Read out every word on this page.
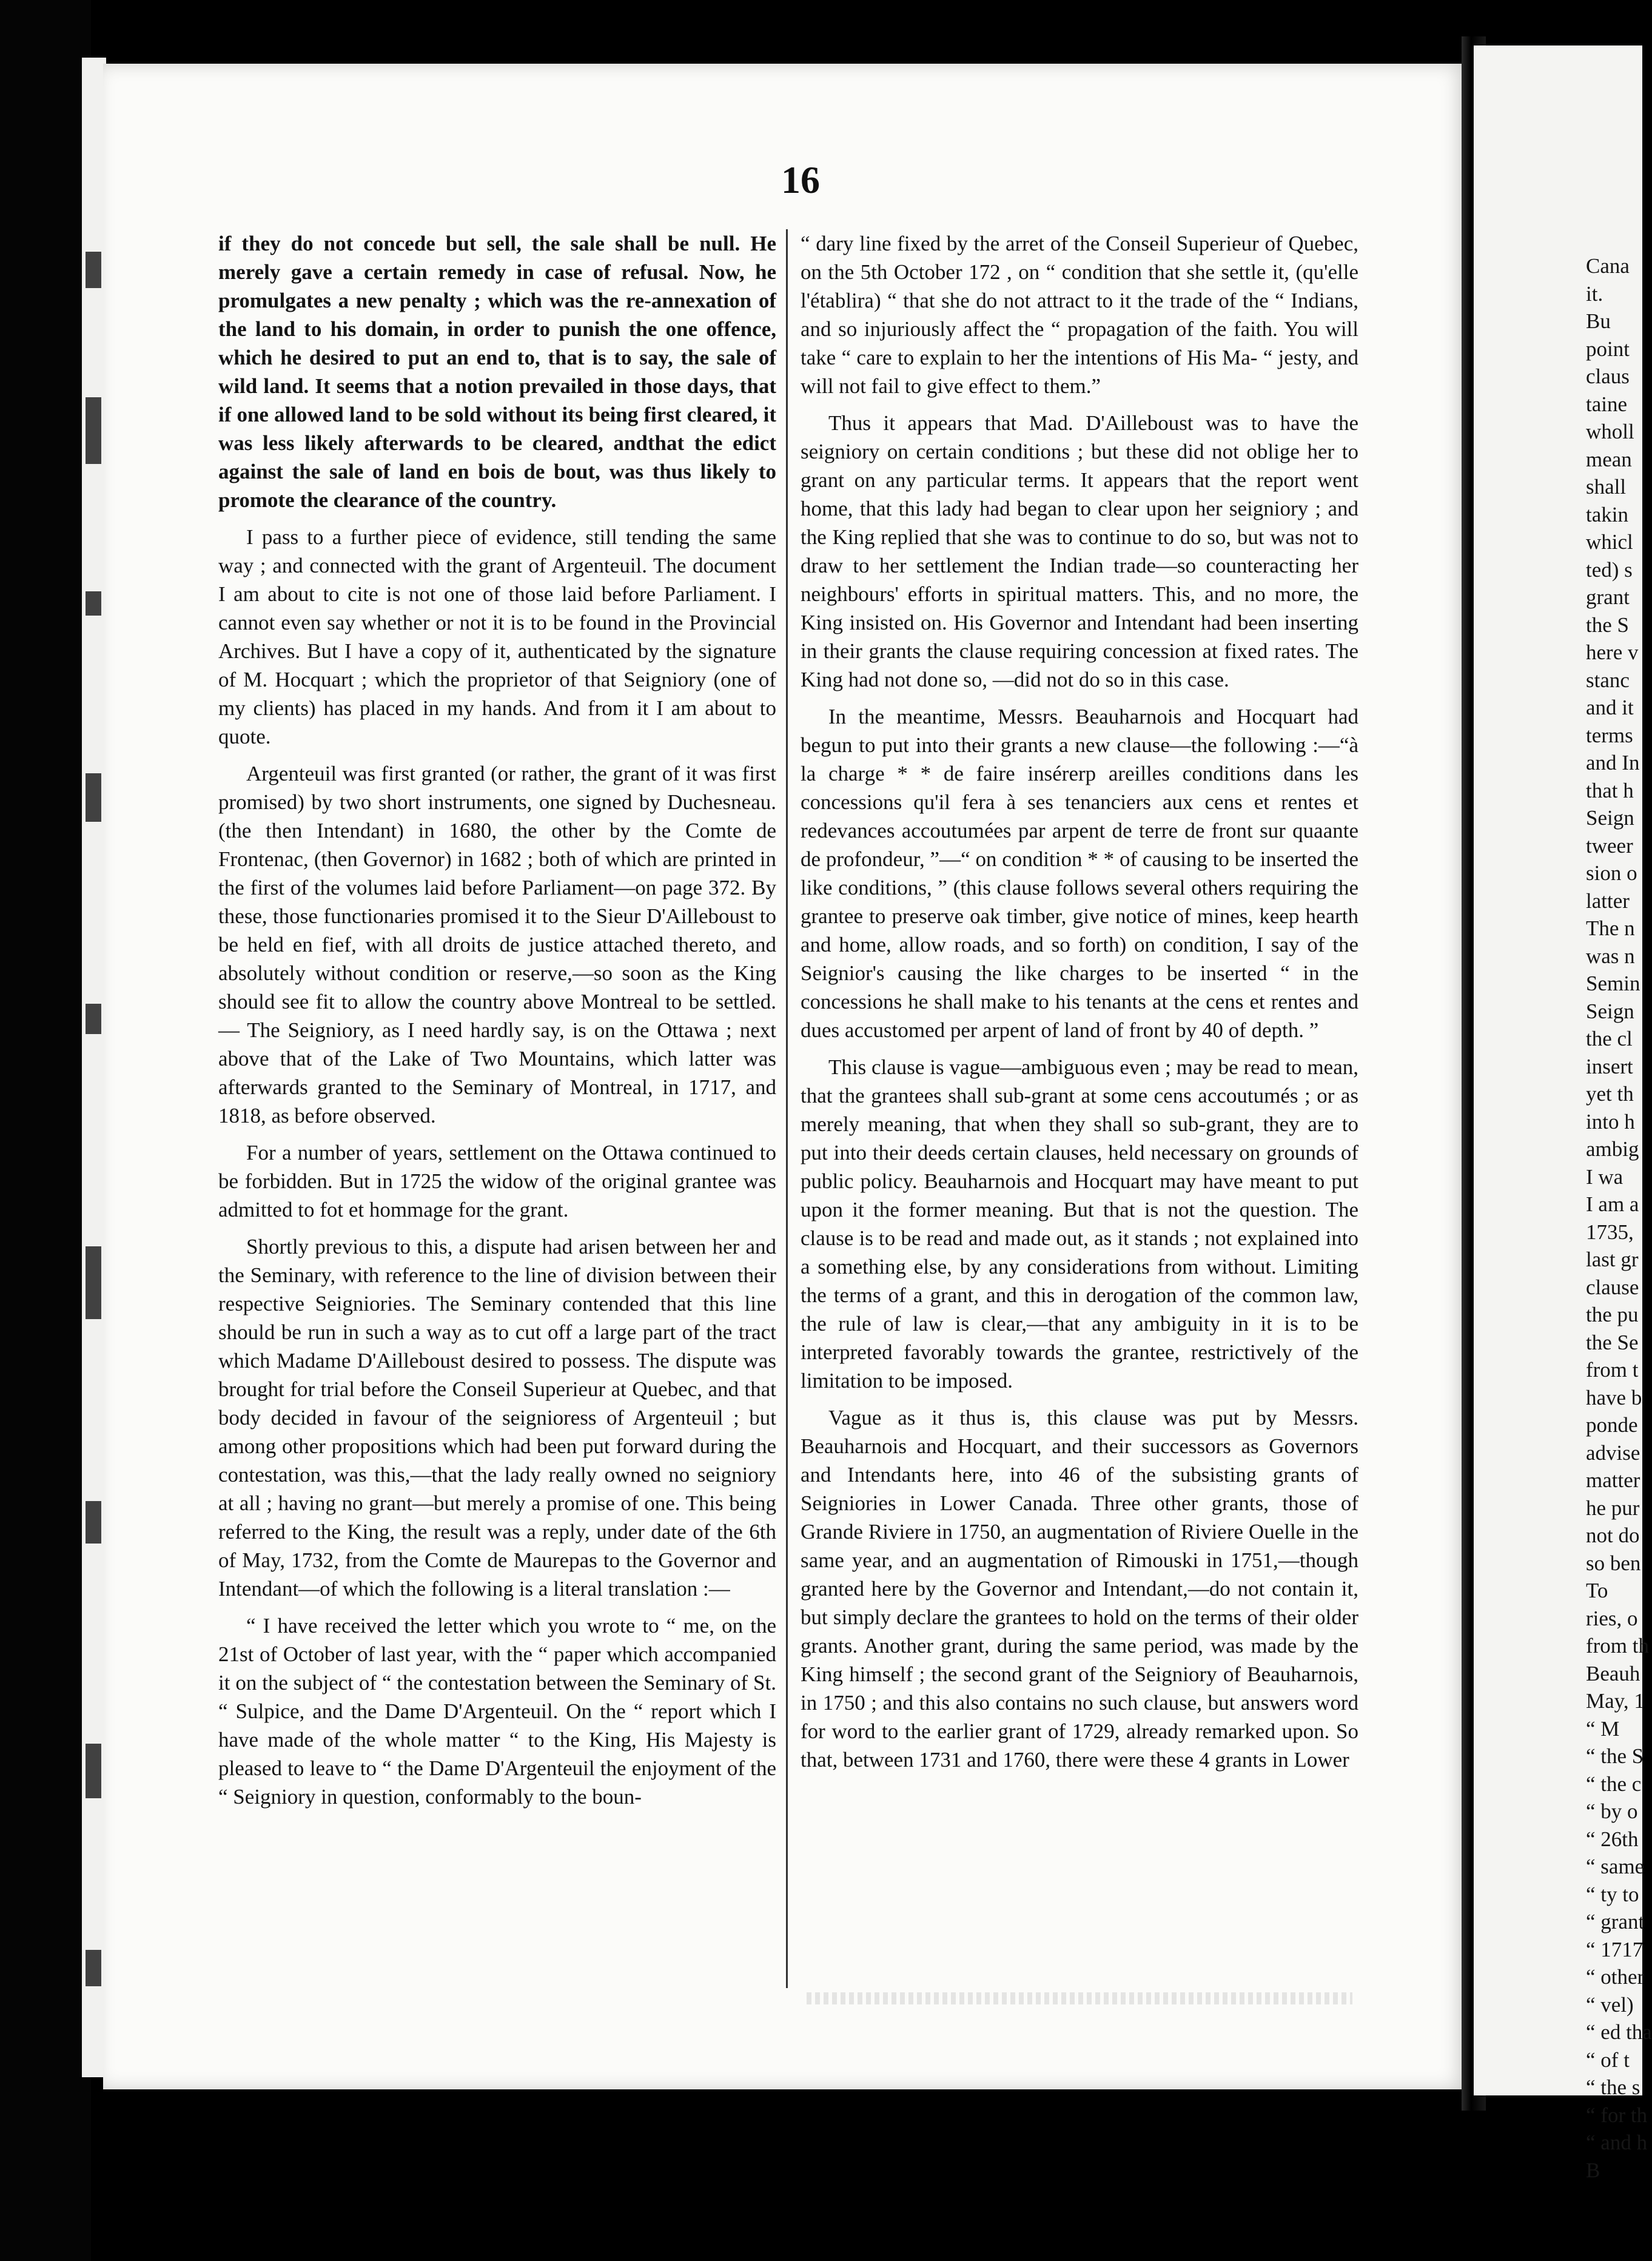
16

if they do not concede but sell, the sale shall be null. He merely gave a certain remedy in case of refusal. Now, he promulgates a new penalty ; which was the re-annexation of the land to his domain, in order to punish the one offence, which he desired to put an end to, that is to say, the sale of wild land. It seems that a notion prevailed in those days, that if one allowed land to be sold without its being first cleared, it was less likely afterwards to be cleared, andthat the edict against the sale of land en bois de bout, was thus likely to promote the clearance of the country.

I pass to a further piece of evidence, still tending the same way ; and connected with the grant of Argenteuil. The document I am about to cite is not one of those laid before Parliament. I cannot even say whether or not it is to be found in the Provincial Archives. But I have a copy of it, authenticated by the signature of M. Hocquart ; which the proprietor of that Seigniory (one of my clients) has placed in my hands. And from it I am about to quote.

Argenteuil was first granted (or rather, the grant of it was first promised) by two short instruments, one signed by Duchesneau. (the then Intendant) in 1680, the other by the Comte de Frontenac, (then Governor) in 1682 ; both of which are printed in the first of the volumes laid before Parliament—on page 372. By these, those functionaries promised it to the Sieur D'Ailleboust to be held en fief, with all droits de justice attached thereto, and absolutely without condition or reserve,—so soon as the King should see fit to allow the country above Montreal to be settled.— The Seigniory, as I need hardly say, is on the Ottawa ; next above that of the Lake of Two Mountains, which latter was afterwards granted to the Seminary of Montreal, in 1717, and 1818, as before observed.

For a number of years, settlement on the Ottawa continued to be forbidden. But in 1725 the widow of the original grantee was admitted to fot et hommage for the grant.

Shortly previous to this, a dispute had arisen between her and the Seminary, with reference to the line of division between their respective Seigniories. The Seminary contended that this line should be run in such a way as to cut off a large part of the tract which Madame D'Ailleboust desired to possess. The dispute was brought for trial before the Conseil Superieur at Quebec, and that body decided in favour of the seignioress of Argenteuil ; but among other propositions which had been put forward during the contestation, was this,—that the lady really owned no seigniory at all ; having no grant—but merely a promise of one. This being referred to the King, the result was a reply, under date of the 6th of May, 1732, from the Comte de Maurepas to the Governor and Intendant—of which the following is a literal translation :—

“ I have received the letter which you wrote to “ me, on the 21st of October of last year, with the “ paper which accompanied it on the subject of “ the contestation between the Seminary of St. “ Sulpice, and the Dame D'Argenteuil. On the “ report which I have made of the whole matter “ to the King, His Majesty is pleased to leave to “ the Dame D'Argenteuil the enjoyment of the “ Seigniory in question, conformably to the boun-

“ dary line fixed by the arret of the Conseil Superieur of Quebec, on the 5th October 172 , on “ condition that she settle it, (qu'elle l'établira) “ that she do not attract to it the trade of the “ Indians, and so injuriously affect the “ propagation of the faith. You will take “ care to explain to her the intentions of His Ma- “ jesty, and will not fail to give effect to them.”

Thus it appears that Mad. D'Ailleboust was to have the seigniory on certain conditions ; but these did not oblige her to grant on any particular terms. It appears that the report went home, that this lady had began to clear upon her seigniory ; and the King replied that she was to continue to do so, but was not to draw to her settlement the Indian trade—so counteracting her neighbours' efforts in spiritual matters. This, and no more, the King insisted on. His Governor and Intendant had been inserting in their grants the clause requiring concession at fixed rates. The King had not done so, —did not do so in this case.

In the meantime, Messrs. Beauharnois and Hocquart had begun to put into their grants a new clause—the following :—“à la charge * * de faire insérerp areilles conditions dans les concessions qu'il fera à ses tenanciers aux cens et rentes et redevances accoutumées par arpent de terre de front sur quaante de profondeur, ”—“ on condition * * of causing to be inserted the like conditions, ” (this clause follows several others requiring the grantee to preserve oak timber, give notice of mines, keep hearth and home, allow roads, and so forth) on condition, I say of the Seignior's causing the like charges to be inserted “ in the concessions he shall make to his tenants at the cens et rentes and dues accustomed per arpent of land of front by 40 of depth. ”

This clause is vague—ambiguous even ; may be read to mean, that the grantees shall sub-grant at some cens accoutumés ; or as merely meaning, that when they shall so sub-grant, they are to put into their deeds certain clauses, held necessary on grounds of public policy. Beauharnois and Hocquart may have meant to put upon it the former meaning. But that is not the question. The clause is to be read and made out, as it stands ; not explained into a something else, by any considerations from without. Limiting the terms of a grant, and this in derogation of the common law, the rule of law is clear,—that any ambiguity in it is to be interpreted favorably towards the grantee, restrictively of the limitation to be imposed.

Vague as it thus is, this clause was put by Messrs. Beauharnois and Hocquart, and their successors as Governors and Intendants here, into 46 of the subsisting grants of Seigniories in Lower Canada. Three other grants, those of Grande Riviere in 1750, an augmentation of Riviere Ouelle in the same year, and an augmentation of Rimouski in 1751,—though granted here by the Governor and Intendant,—do not contain it, but simply declare the grantees to hold on the terms of their older grants. Another grant, during the same period, was made by the King himself ; the second grant of the Seigniory of Beauharnois, in 1750 ; and this also contains no such clause, but answers word for word to the earlier grant of 1729, already remarked upon. So that, between 1731 and 1760, there were these 4 grants in Lower

Cana
it.
Bu
point
claus
taine
wholl
mean
shall
takin
whicl
ted) s
grant
the S
here v
stanc
and it
terms
and In
that h
Seign
tweer
sion o
latter
The n
was n
Semin
Seign
the cl
insert
yet th
into h
ambig
I wa
I am a
1735,
last gr
clause
the pu
the Se
from t
have b
ponde
advise
matter
he pur
not do
so ben
To
ries, o
from th
Beauh
May, 1
“ M
“ the S
“ the c
“ by o
“ 26th
“ same
“ ty to
“ grant
“ 1717
“ other
“ vel)
“ ed tha
“ of t
“ the s
“ for th
“ and h
B
